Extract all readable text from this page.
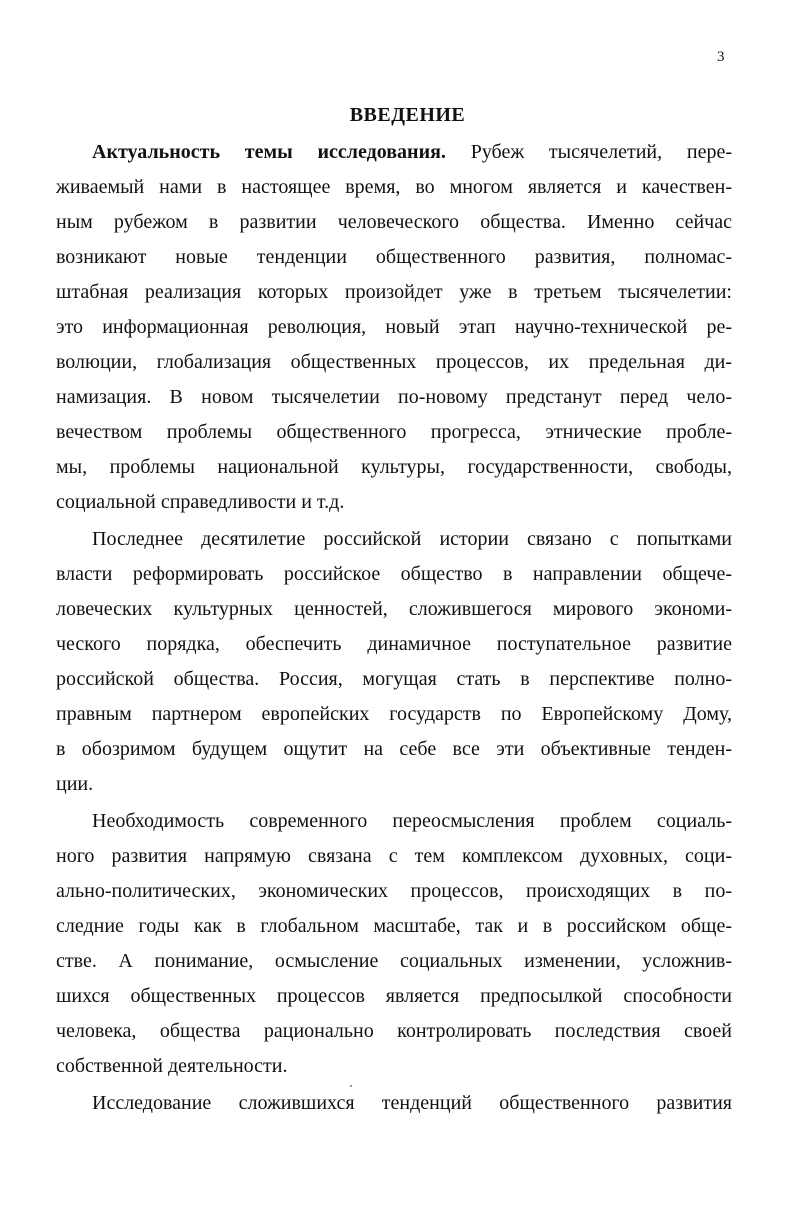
3
ВВЕДЕНИЕ
Актуальность темы исследования. Рубеж тысячелетий, пере-
живаемый нами в настоящее время, во многом является и качествен-
ным рубежом в развитии человеческого общества. Именно сейчас
возникают новые тенденции общественного развития, полномас-
штабная реализация которых произойдет уже в третьем тысячелетии:
это информационная революция, новый этап научно-технической ре-
волюции, глобализация общественных процессов, их предельная ди-
намизация. В новом тысячелетии по-новому предстанут перед чело-
вечеством проблемы общественного прогресса, этнические пробле-
мы, проблемы национальной культуры, государственности, свободы,
социальной справедливости и т.д.
Последнее десятилетие российской истории связано с попытками
власти реформировать российское общество в направлении общече-
ловеческих культурных ценностей, сложившегося мирового экономи-
ческого порядка, обеспечить динамичное поступательное развитие
российской общества. Россия, могущая стать в перспективе полно-
правным партнером европейских государств по Европейскому Дому,
в обозримом будущем ощутит на себе все эти объективные тенден-
ции.
Необходимость современного переосмысления проблем социаль-
ного развития напрямую связана с тем комплексом духовных, соци-
ально-политических, экономических процессов, происходящих в по-
следние годы как в глобальном масштабе, так и в российском обще-
стве. А понимание, осмысление социальных изменении, усложнив-
шихся общественных процессов является предпосылкой способности
человека, общества рационально контролировать последствия своей
собственной деятельности.
Исследование сложившихся тенденций общественного развития
